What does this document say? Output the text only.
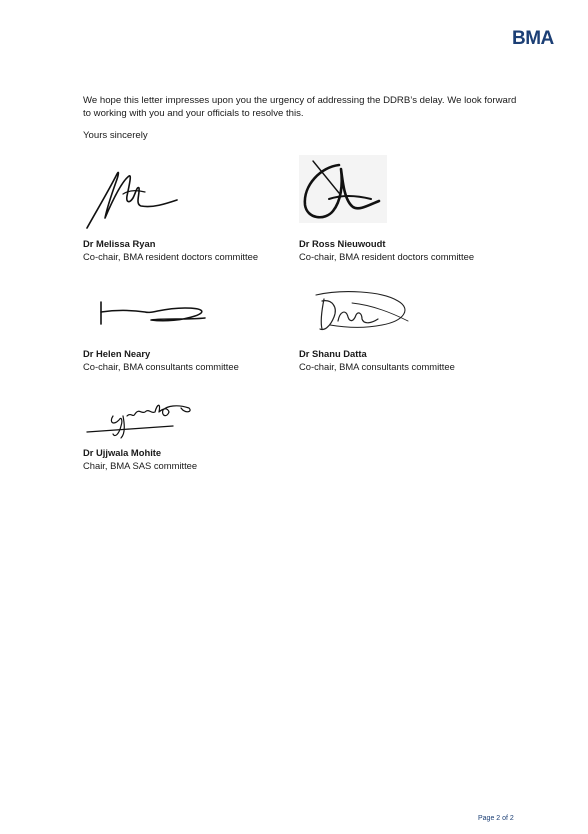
BMA

We hope this letter impresses upon you the urgency of addressing the DDRB’s delay. We look forward to working with you and your officials to resolve this.

Yours sincerely

Dr Melissa Ryan
Co-chair, BMA resident doctors committee
Dr Ross Nieuwoudt
Co-chair, BMA resident doctors committee
Dr Helen Neary
Co-chair, BMA consultants committee
Dr Shanu Datta
Co-chair, BMA consultants committee
Dr Ujjwala Mohite
Chair, BMA SAS committee
Page 2 of 2
